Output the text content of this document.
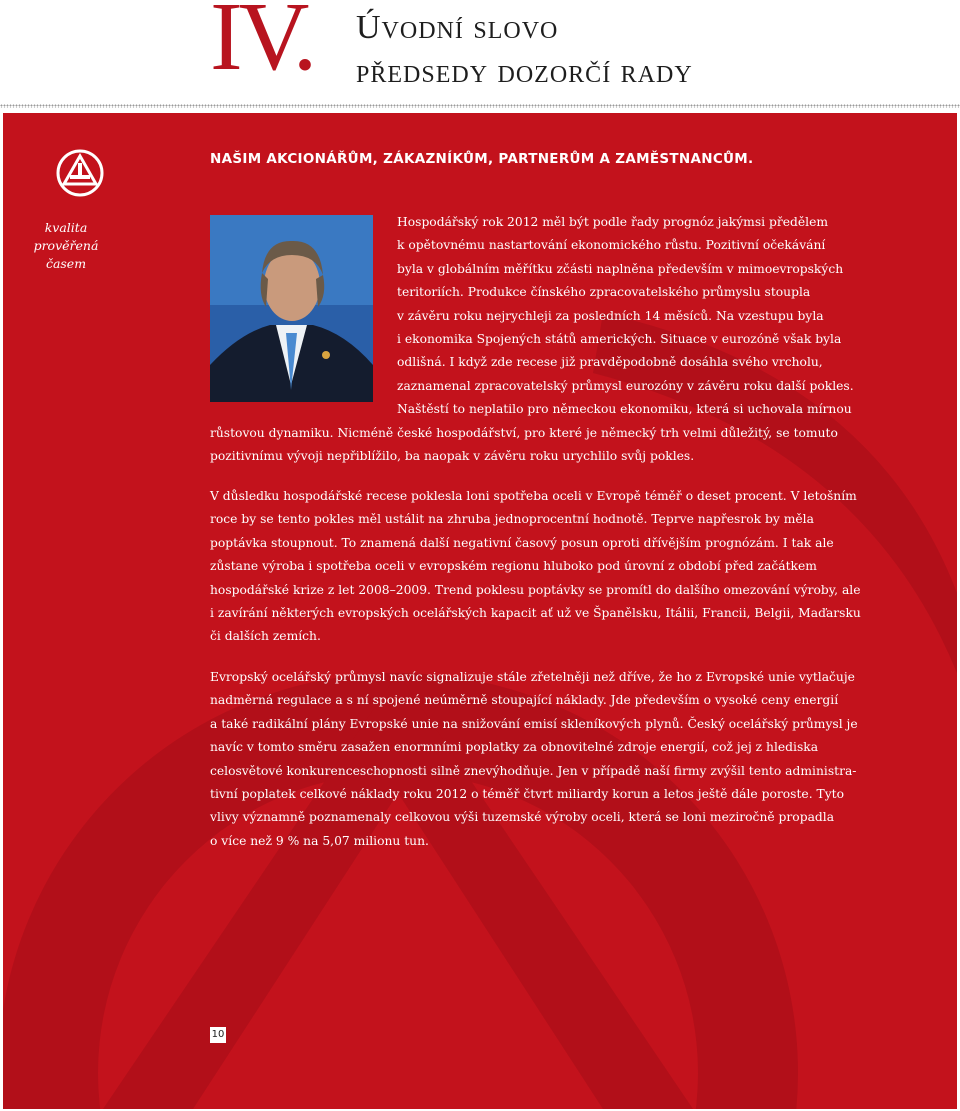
IV. Úvodní slovo
předsedy dozorčí rady
kvalita
prověřená
časem
NAŠIM AKCIONÁŘŮM, ZÁKAZNÍKŮM, PARTNERŮM A ZAMĚSTNANCŮM.
Hospodářský rok 2012 měl být podle řady prognóz jakýmsi předělem
k opětovnému nastartování ekonomického růstu. Pozitivní očekávání
byla v globálním měřítku zčásti naplněna především v mimoevropských
teritoriích. Produkce čínského zpracovatelského průmyslu stoupla
v závěru roku nejrychleji za posledních 14 měsíců. Na vzestupu byla
i ekonomika Spojených států amerických. Situace v eurozóně však byla
odlišná. I když zde recese již pravděpodobně dosáhla svého vrcholu,
zaznamenal zpracovatelský průmysl eurozóny v závěru roku další pokles.
Naštěstí to neplatilo pro německou ekonomiku, která si uchovala mírnou
růstovou dynamiku. Nicméně české hospodářství, pro které je německý trh velmi důležitý, se tomuto
pozitivnímu vývoji nepřiblížilo, ba naopak v závěru roku urychlilo svůj pokles.
V důsledku hospodářské recese poklesla loni spotřeba oceli v Evropě téměř o deset procent. V letošním
roce by se tento pokles měl ustálit na zhruba jednoprocentní hodnotě. Teprve napřesrok by měla
poptávka stoupnout. To znamená další negativní časový posun oproti dřívějším prognózám. I tak ale
zůstane výroba i spotřeba oceli v evropském regionu hluboko pod úrovní z období před začátkem
hospodářské krize z let 2008–2009. Trend poklesu poptávky se promítl do dalšího omezování výroby, ale
i zavírání některých evropských ocelářských kapacit ať už ve Španělsku, Itálii, Francii, Belgii, Maďarsku
či dalších zemích.
Evropský ocelářský průmysl navíc signalizuje stále zřetelněji než dříve, že ho z Evropské unie vytlačuje
nadměrná regulace a s ní spojené neúměrně stoupající náklady. Jde především o vysoké ceny energií
a také radikální plány Evropské unie na snižování emisí skleníkových plynů. Český ocelářský průmysl je
navíc v tomto směru zasažen enormními poplatky za obnovitelné zdroje energií, což jej z hlediska
celosvětové konkurenceschopnosti silně znevýhodňuje. Jen v případě naší firmy zvýšil tento administra-
tivní poplatek celkové náklady roku 2012 o téměř čtvrt miliardy korun a letos ještě dále poroste. Tyto
vlivy významně poznamenaly celkovou výši tuzemské výroby oceli, která se loni meziročně propadla
o více než 9 % na 5,07 milionu tun.
10
